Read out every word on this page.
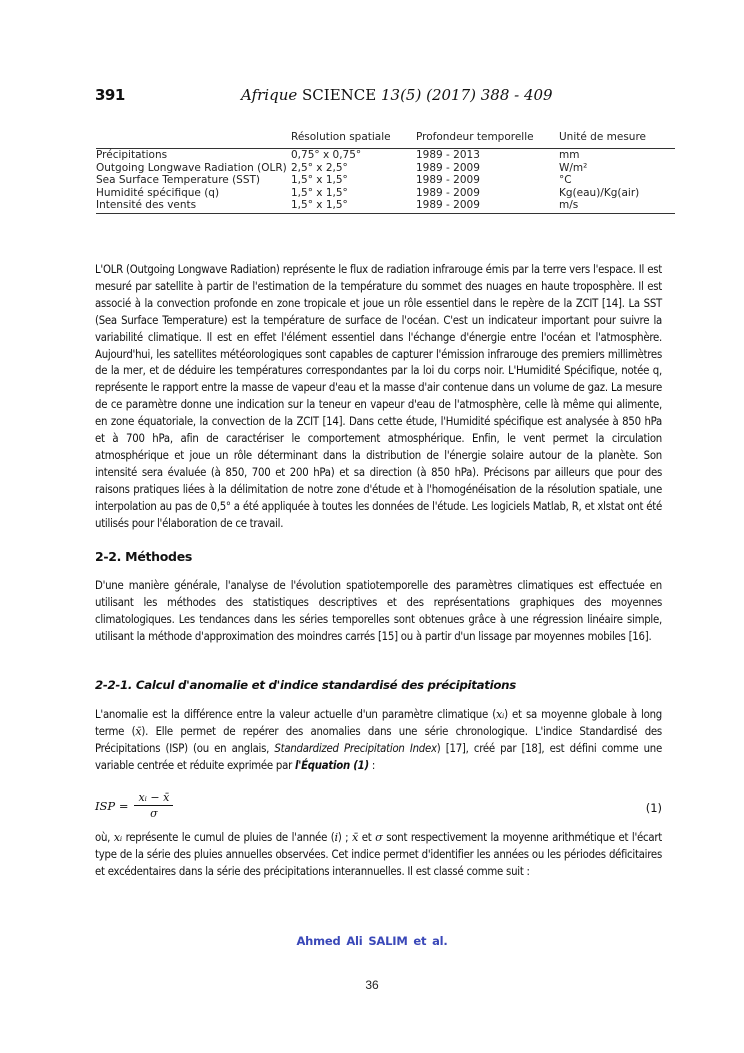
391	Afrique SCIENCE 13(5) (2017) 388 - 409
	Résolution spatiale	Profondeur temporelle	Unité de mesure
Précipitations	0,75° x 0,75°	1989 - 2013	mm
Outgoing Longwave Radiation (OLR)	2,5° x 2,5°	1989 - 2009	W/m²
Sea Surface Temperature (SST)	1,5° x 1,5°	1989 - 2009	°C
Humidité spécifique (q)	1,5° x 1,5°	1989 - 2009	Kg(eau)/Kg(air)
Intensité des vents	1,5° x 1,5°	1989 - 2009	m/s

L'OLR (Outgoing Longwave Radiation) représente le flux de radiation infrarouge émis par la terre vers l'espace. Il est mesuré par satellite à partir de l'estimation de la température du sommet des nuages en haute troposphère. Il est associé à la convection profonde en zone tropicale et joue un rôle essentiel dans le repère de la ZCIT [14]. La SST (Sea Surface Temperature) est la température de surface de l'océan. C'est un indicateur important pour suivre la variabilité climatique. Il est en effet l'élément essentiel dans l'échange d'énergie entre l'océan et l'atmosphère. Aujourd'hui, les satellites météorologiques sont capables de capturer l'émission infrarouge des premiers millimètres de la mer, et de déduire les températures correspondantes par la loi du corps noir. L'Humidité Spécifique, notée q, représente le rapport entre la masse de vapeur d'eau et la masse d'air contenue dans un volume de gaz. La mesure de ce paramètre donne une indication sur la teneur en vapeur d'eau de l'atmosphère, celle là même qui alimente, en zone équatoriale, la convection de la ZCIT [14]. Dans cette étude, l'Humidité spécifique est analysée à 850 hPa et à 700 hPa, afin de caractériser le comportement atmosphérique. Enfin, le vent permet la circulation atmosphérique et joue un rôle déterminant dans la distribution de l'énergie solaire autour de la planète. Son intensité sera évaluée (à 850, 700 et 200 hPa) et sa direction (à 850 hPa). Précisons par ailleurs que pour des raisons pratiques liées à la délimitation de notre zone d'étude et à l'homogénéisation de la résolution spatiale, une interpolation au pas de 0,5° a été appliquée à toutes les données de l'étude. Les logiciels Matlab, R, et xlstat ont été utilisés pour l'élaboration de ce travail.

2-2. Méthodes

D'une manière générale, l'analyse de l'évolution spatiotemporelle des paramètres climatiques est effectuée en utilisant les méthodes des statistiques descriptives et des représentations graphiques des moyennes climatologiques. Les tendances dans les séries temporelles sont obtenues grâce à une régression linéaire simple, utilisant la méthode d'approximation des moindres carrés [15] ou à partir d'un lissage par moyennes mobiles [16].

2-2-1. Calcul d'anomalie et d'indice standardisé des précipitations

L'anomalie est la différence entre la valeur actuelle d'un paramètre climatique (xᵢ) et sa moyenne globale à long terme (x̄). Elle permet de repérer des anomalies dans une série chronologique. L'indice Standardisé des Précipitations (ISP) (ou en anglais, Standardized Precipitation Index) [17], créé par [18], est défini comme une variable centrée et réduite exprimée par l'Équation (1) :

ISP = $\frac{\text{xᵢ − x̄}}{\sigma}$	(1)

où, xᵢ représente le cumul de pluies de l'année (i) ; x̄ et σ sont respectivement la moyenne arithmétique et l'écart type de la série des pluies annuelles observées. Cet indice permet d'identifier les années ou les périodes déficitaires et excédentaires dans la série des précipitations interannuelles. Il est classé comme suit :

Ahmed Ali SALIM et al.
36
